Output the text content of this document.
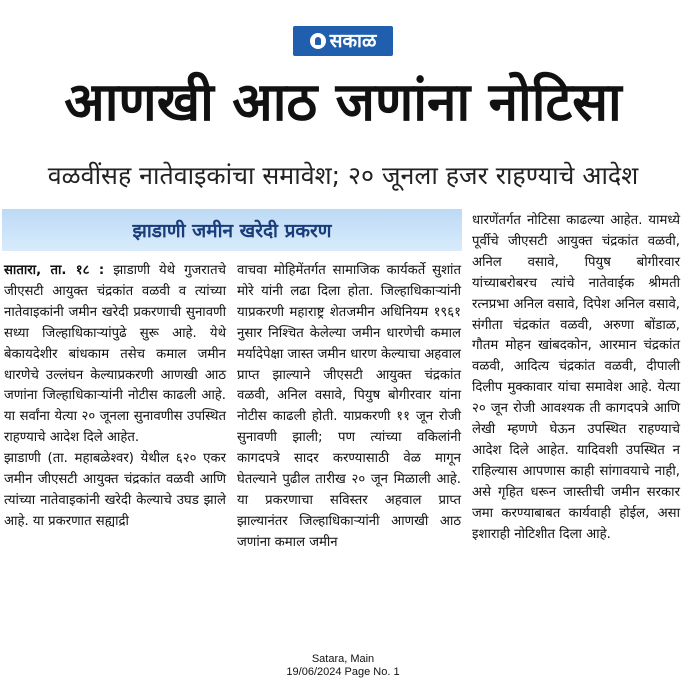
सकाळ
आणखी आठ जणांना नोटिसा
वळवींसह नातेवाइकांचा समावेश; २० जूनला हजर राहण्याचे आदेश
झाडाणी जमीन खरेदी प्रकरण

सातारा, ता. १८ : झाडाणी येथे गुजरातचे जीएसटी आयुक्त चंद्रकांत वळवी व त्यांच्या नातेवाइकांनी जमीन खरेदी प्रकरणाची सुनावणी सध्या जिल्हाधिकाऱ्यांपुढे सुरू आहे. येथे बेकायदेशीर बांधकाम तसेच कमाल जमीन धारणेचे उल्लंघन केल्याप्रकरणी आणखी आठ जणांना जिल्हाधिकाऱ्यांनी नोटीस काढली आहे. या सर्वांना येत्या २० जूनला सुनावणीस उपस्थित राहण्याचे आदेश दिले आहेत.

झाडाणी (ता. महाबळेश्वर) येथील ६२० एकर जमीन जीएसटी आयुक्त चंद्रकांत वळवी आणि त्यांच्या नातेवाइकांनी खरेदी केल्याचे उघड झाले आहे. या प्रकरणात सह्याद्री

वाचवा मोहिमेंतर्गत सामाजिक कार्यकर्ते सुशांत मोरे यांनी लढा दिला होता. जिल्हाधिकाऱ्यांनी याप्रकरणी महाराष्ट्र शेतजमीन अधिनियम १९६१ नुसार निश्चित केलेल्या जमीन धारणेची कमाल मर्यादेपेक्षा जास्त जमीन धारण केल्याचा अहवाल प्राप्त झाल्याने जीएसटी आयुक्त चंद्रकांत वळवी, अनिल वसावे, पियुष बोगीरवार यांना नोटीस काढली होती. याप्रकरणी ११ जून रोजी सुनावणी झाली; पण त्यांच्या वकिलांनी कागदपत्रे सादर करण्यासाठी वेळ मागून घेतल्याने पुढील तारीख २० जून मिळाली आहे. या प्रकरणाचा सविस्तर अहवाल प्राप्त झाल्यानंतर जिल्हाधिकाऱ्यांनी आणखी आठ जणांना कमाल जमीन

धारणेंतर्गत नोटिसा काढल्या आहेत. यामध्ये पूर्वीचे जीएसटी आयुक्त चंद्रकांत वळवी, अनिल वसावे, पियुष बोगीरवार यांच्याबरोबरच त्यांचे नातेवाईक श्रीमती रत्नप्रभा अनिल वसावे, दिपेश अनिल वसावे, संगीता चंद्रकांत वळवी, अरुणा बोंडाळ, गौतम मोहन खांबदकोन, आरमान चंद्रकांत वळवी, आदित्य चंद्रकांत वळवी, दीपाली दिलीप मुक्कावार यांचा समावेश आहे. येत्या २० जून रोजी आवश्यक ती कागदपत्रे आणि लेखी म्हणणे घेऊन उपस्थित राहण्याचे आदेश दिले आहेत. यादिवशी उपस्थित न राहिल्यास आपणास काही सांगावयाचे नाही, असे गृहित धरून जास्तीची जमीन सरकार जमा करण्याबाबत कार्यवाही होईल, असा इशाराही नोटिशीत दिला आहे.

Satara, Main
19/06/2024 Page No. 1
